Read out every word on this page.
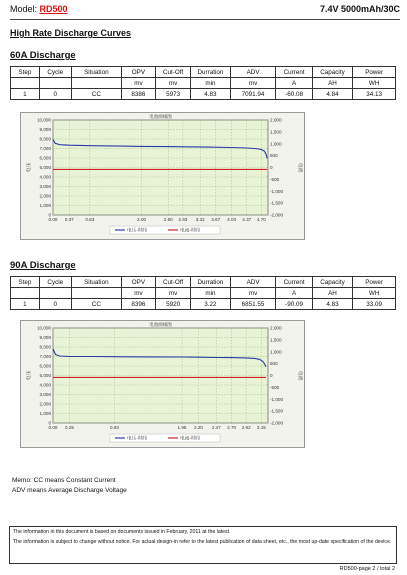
Model: RD500	7.4V 5000mAh/30C
High Rate Discharge Curves
60A Discharge
Step	Cycle	Situation	OPV	Cut-Off	Durration	ADV	Current	Capacity	Power
			mv	mv	min	mv	A	AH	WH
1	0	CC	8386	5973	4.83	7091.94	-60.08	4.84	34.13
电池曲线图
10,000
9,000
8,000
7,000
6,000
5,000
4,000
3,000
2,000
1,000
0
2,000
1,500
1,000
500
0
-500
-1,000
-1,500
-2,000
0.00 0.37 0.83	2.00	2.60 2.93 3.32 3.67 4.03 4.37 4.70
电压	电流
电压-时间	电流-时间
90A Discharge
Step	Cycle	Situation	OPV	Cut-Off	Durration	ADV	Current	Capacity	Power
			mv	mv	min	mv	A	AH	WH
1	0	CC	8396	5920	3.22	6851.55	-90.09	4.83	33.09
电池曲线图
10,000
9,000
8,000
7,000
6,000
5,000
4,000
3,000
2,000
1,000
0
2,000
1,500
1,000
500
0
-500
-1,000
-1,500
-2,000
0.00 0.25	0.93	1.95 2.20 2.47 2.70 2.92 3.15
电压	电流
电压-时间	电流-时间
Memo: CC means Constant Current
ADV means Average Discharge Voltage
The information in this document is based on documents issued in February, 2011 at the latest.
The information is subject to change without notice. For actual design-in refer to the latest publication of data sheet, etc., the most up-date specification of the device.
RD500-page 2 / total 2
